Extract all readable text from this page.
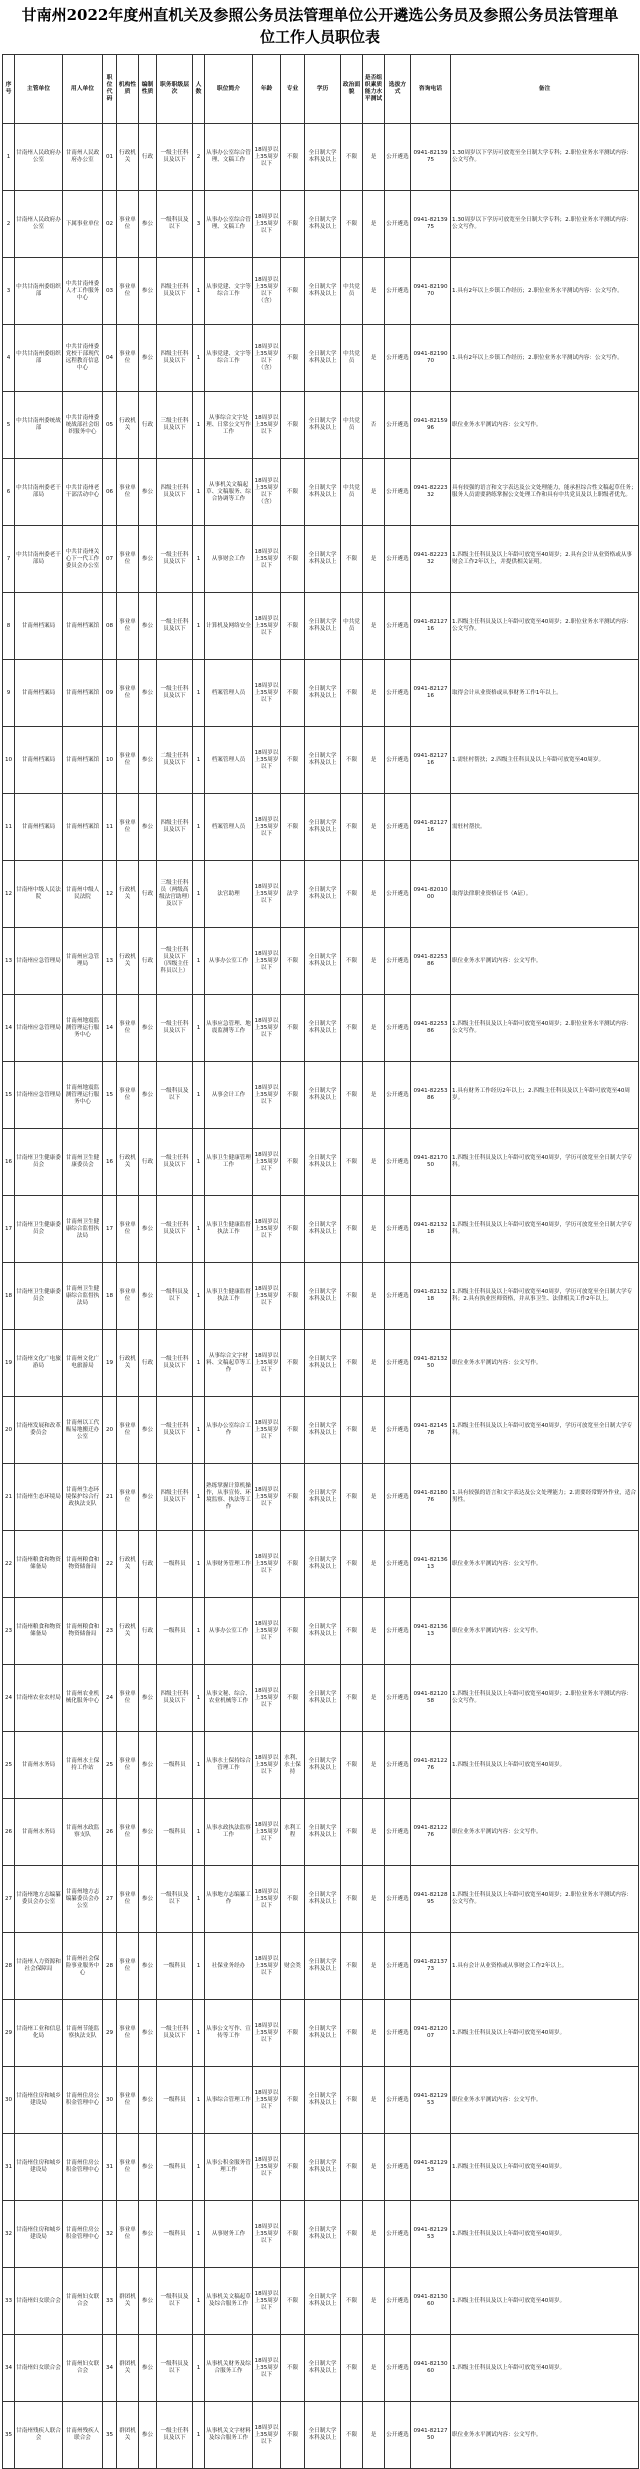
甘南州2022年度州直机关及参照公务员法管理单位公开遴选公务员及参照公务员法管理单位工作人员职位表
序号	主管单位	用人单位	职位代码	机构性质	编制性质	职务职级层次	人数	职位简介	年龄	专业	学历	政治面貌	是否组织素质能力水平测试	选拔方式	咨询电话	备注
1	甘南州人民政府办公室	甘南州人民政府办公室	01	行政机关	行政	一级主任科员及以下	2	从事办公室综合管理、文稿工作	18周岁以上35周岁以下	不限	全日制大学本科及以上	不限	是	公开遴选	0941-8213975	1.30周岁以下学历可放宽至全日制大学专科；2.职位业务水平测试内容：公文写作。
2	甘南州人民政府办公室	下属事业单位	02	事业单位	参公	一级科员及以下	3	从事办公室综合管理、文稿工作	18周岁以上35周岁以下	不限	全日制大学本科及以上	不限	是	公开遴选	0941-8213975	1.30周岁以下学历可放宽至全日制大学专科；2.职位业务水平测试内容：公文写作。
3	中共甘南州委组织部	中共甘南州委人才工作服务中心	03	事业单位	参公	四级主任科员及以下	1	从事党建、文字等综合工作	18周岁以上35周岁以下（含）	不限	全日制大学本科及以上	中共党员	是	公开遴选	0941-8219070	1.具有2年以上乡镇工作经历；2.职位业务水平测试内容：公文写作。
4	中共甘南州委组织部	中共甘南州委党校干部现代远程教育信息中心	04	事业单位	参公	四级主任科员及以下	1	从事党建、文字等综合工作	18周岁以上35周岁以下（含）	不限	全日制大学本科及以上	中共党员	是	公开遴选	0941-8219070	1.具有2年以上乡镇工作经历；2.职位业务水平测试内容：公文写作。
5	中共甘南州委统战部	中共甘南州委统战部社会组织服务中心	05	行政机关	行政	三级主任科员及以下	1	从事综合文字处理、日常公文写作工作	18周岁以上35周岁以下	不限	全日制大学本科及以上	中共党员	否	公开遴选	0941-8215996	职位业务水平测试内容：公文写作。
6	中共甘南州委老干部局	中共甘南州老干部活动中心	06	事业单位	参公	四级主任科员及以下	1	从事机关文稿起草、文稿服务、综合协调等工作	18周岁以上35周岁以下（含）	不限	全日制大学本科及以上	中共党员	是	公开遴选	0941-8222332	具有较强的语言和文字表达及公文处理能力，能承担综合性文稿起草任务；服务人员需要熟练掌握公文处理工作和具有中共党员及以上职级者优先。
7	中共甘南州委老干部局	中共甘南州关心下一代工作委员会办公室	07	事业单位	参公	一级主任科员及以下	1	从事财会工作	18周岁以上35周岁以下	不限	全日制大学本科及以上	不限	是	公开遴选	0941-8222332	1.四级主任科员及以上年龄可放宽至40周岁；2.具有会计从业资格或从事财会工作2年以上，并提供相关证明。
8	甘南州档案局	甘南州档案馆	08	事业单位	参公	一级主任科员及以下	1	计算机及网络安全	18周岁以上35周岁以下	不限	全日制大学本科及以上	中共党员	是	公开遴选	0941-8212716	1.四级主任科员及以上年龄可放宽至40周岁；2.职位业务水平测试内容：公文写作。
9	甘南州档案局	甘南州档案馆	09	事业单位	参公	一级主任科员及以下	1	档案管理人员	18周岁以上35周岁以下	不限	全日制大学本科及以上	不限	是	公开遴选	0941-8212716	取得会计从业资格或从事财务工作1年以上。
10	甘南州档案局	甘南州档案馆	10	事业单位	参公	二级主任科员及以下	1	档案管理人员	18周岁以上35周岁以下	不限	全日制大学本科及以上	不限	是	公开遴选	0941-8212716	1.需驻村帮扶；2.四级主任科员及以上年龄可放宽至40周岁。
11	甘南州档案局	甘南州档案馆	11	事业单位	参公	四级主任科员及以下	1	档案管理人员	18周岁以上35周岁以下	不限	全日制大学本科及以上	不限	是	公开遴选	0941-8212716	需驻村帮扶。
12	甘南州中级人民法院	甘南州中级人民法院	12	行政机关	行政	三级主任科员（两级高级法官助理）及以下	1	法官助理	18周岁以上35周岁以下	法学	全日制大学本科及以上	不限	是	公开遴选	0941-8201000	取得法律职业资格证书（A证）。
13	甘南州应急管理局	甘南州应急管理局	13	行政机关	行政	一级主任科员及以下（四级主任科员以上）	1	从事办公室工作	18周岁以上35周岁以下	不限	全日制大学本科及以上	不限	是	公开遴选	0941-8225386	职位业务水平测试内容：公文写作。
14	甘南州应急管理局	甘南州地震监测管理运行服务中心	14	事业单位	参公	一级主任科员及以下	1	从事应急管理、地震监测等工作	18周岁以上35周岁以下	不限	全日制大学本科及以上	不限	是	公开遴选	0941-8225386	1.四级主任科员及以上年龄可放宽至40周岁；2.职位业务水平测试内容：公文写作。
15	甘南州应急管理局	甘南州地震监测管理运行服务中心	15	事业单位	参公	一级科员及以下	1	从事会计工作	18周岁以上35周岁以下	不限	全日制大学本科及以上	不限	是	公开遴选	0941-8225386	1.具有财务工作经历2年以上；2.四级主任科员及以上年龄可放宽至40周岁。
16	甘南州卫生健康委员会	甘南州卫生健康委员会	16	行政机关	行政	一级主任科员及以下	1	从事卫生健康管理工作	18周岁以上35周岁以下	不限	全日制大学本科及以上	不限	是	公开遴选	0941-8217050	1.四级主任科员及以上年龄可放宽至40周岁，学历可放宽至全日制大学专科。
17	甘南州卫生健康委员会	甘南州卫生健康综合监督执法局	17	事业单位	参公	一级主任科员及以下	1	从事卫生健康监督执法工作	18周岁以上35周岁以下	不限	全日制大学本科及以上	不限	是	公开遴选	0941-8213218	1.四级主任科员及以上年龄可放宽至40周岁，学历可放宽至全日制大学专科。
18	甘南州卫生健康委员会	甘南州卫生健康综合监督执法局	18	事业单位	参公	一级科员及以下	1	从事卫生健康监督执法工作	18周岁以上35周岁以下	不限	全日制大学本科及以上	不限	是	公开遴选	0941-8213218	1.四级主任科员及以上年龄可放宽至40周岁，学历可放宽至全日制大学专科；2.具有执业医师资格，并从事卫生、法律相关工作2年以上。
19	甘南州文化广电旅游局	甘南州文化广电旅游局	19	行政机关	行政	一级主任科员及以下	1	从事综合文字材料、文稿起草等工作	18周岁以上35周岁以下	不限	全日制大学本科及以上	不限	是	公开遴选	0941-8213250	职位业务水平测试内容：公文写作。
20	甘南州发展和改革委员会	甘南州以工代赈易地搬迁办公室	20	事业单位	参公	一级主任科员及以下	1	从事办公室综合工作	18周岁以上35周岁以下	不限	全日制大学本科及以上	不限	是	公开遴选	0941-8214578	1.四级主任科员及以上年龄可放宽至40周岁，学历可放宽至全日制大学专科。
21	甘南州生态环境局	甘南州生态环境保护综合行政执法支队	21	事业单位	参公	四级主任科员及以下	1	熟练掌握计算机操作，从事宣传、环境监察、执法等工作	18周岁以上35周岁以下	不限	全日制大学本科及以上	不限	是	公开遴选	0941-8218076	1.具有较强的语言和文字表达及公文处理能力；2.需要经常野外作业，适合男性。
22	甘南州粮食和物资储备局	甘南州粮食和物资储备局	22	行政机关	行政	一级科员	1	从事财务管理工作	18周岁以上35周岁以下	不限	全日制大学本科及以上	不限	是	公开遴选	0941-8213613	职位业务水平测试内容：公文写作。
23	甘南州粮食和物资储备局	甘南州粮食和物资储备局	23	行政机关	行政	一级科员	1	从事办公室工作	18周岁以上35周岁以下	不限	全日制大学本科及以上	不限	是	公开遴选	0941-8213613	职位业务水平测试内容：公文写作。
24	甘南州农业农村局	甘南州农业机械化服务中心	24	事业单位	参公	四级主任科员及以下	1	从事文秘、综合、农业机械等工作	18周岁以上35周岁以下	不限	全日制大学本科及以上	不限	是	公开遴选	0941-8212058	1.四级主任科员及以上年龄可放宽至40周岁；2.职位业务水平测试内容：公文写作。
25	甘南州水务局	甘南州水土保持工作站	25	事业单位	参公	一级科员	1	从事水土保持综合管理工作	18周岁以上35周岁以下	水利、水土保持	全日制大学本科及以上	不限	是	公开遴选	0941-8212276	1.四级主任科员及以上年龄可放宽至40周岁。
26	甘南州水务局	甘南州水政监察支队	26	事业单位	参公	一级科员	1	从事水政执法监察工作	18周岁以上35周岁以下	水利工程	全日制大学本科及以上	不限	是	公开遴选	0941-8212276	职位业务水平测试内容：公文写作。
27	甘南州地方志编纂委员会办公室	甘南州地方志编纂委员会办公室	27	事业单位	参公	一级科员及以下	1	从事地方志编纂工作	18周岁以上35周岁以下	不限	全日制大学本科及以上	不限	是	公开遴选	0941-8212895	1.四级主任科员及以上年龄可放宽至40周岁；2.职位业务水平测试内容：公文写作。
28	甘南州人力资源和社会保障局	甘南州社会保险事业服务中心	28	事业单位	参公	一级科员	1	社保业务经办	18周岁以上35周岁以下	财会类	全日制大学本科及以上	不限	是	公开遴选	0941-8213773	1.具有会计从业资格或从事财会工作2年以上。
29	甘南州工业和信息化局	甘南州节能监察执法支队	29	事业单位	参公	一级主任科员及以下	1	从事公文写作、宣传等工作	18周岁以上35周岁以下	不限	全日制大学本科及以上	不限	是	公开遴选	0941-8212007	1.四级主任科员及以上年龄可放宽至40周岁。
30	甘南州住房和城乡建设局	甘南州住房公积金管理中心	30	事业单位	参公	一级科员	1	从事综合管理工作	18周岁以上35周岁以下	不限	全日制大学本科及以上	不限	是	公开遴选	0941-8212953	职位业务水平测试内容：公文写作。
31	甘南州住房和城乡建设局	甘南州住房公积金管理中心	31	事业单位	参公	一级科员	1	从事公积金服务管理工作	18周岁以上35周岁以下	不限	全日制大学本科及以上	不限	是	公开遴选	0941-8212953	1.四级主任科员及以上年龄可放宽至40周岁。
32	甘南州住房和城乡建设局	甘南州住房公积金管理中心	32	事业单位	参公	一级科员	1	从事财务工作	18周岁以上35周岁以下	不限	全日制大学本科及以上	不限	是	公开遴选	0941-8212953	1.四级主任科员及以上年龄可放宽至40周岁。
33	甘南州妇女联合会	甘南州妇女联合会	33	群团机关	参公	一级科员及以下	1	从事机关文稿起草及综合服务工作	18周岁以上35周岁以下	不限	全日制大学本科及以上	不限	是	公开遴选	0941-8213060	1.四级主任科员及以上年龄可放宽至40周岁。
34	甘南州妇女联合会	甘南州妇女联合会	34	群团机关	参公	一级科员及以下	1	从事机关财务及综合服务工作	18周岁以上35周岁以下	不限	全日制大学本科及以上	不限	是	公开遴选	0941-8213060	1.四级主任科员及以上年龄可放宽至40周岁。
35	甘南州残疾人联合会	甘南州残疾人联合会	35	群团机关	参公	一级主任科员及以下	1	从事机关文字材料及综合服务工作	18周岁以上35周岁以下	不限	全日制大学本科及以上	不限	是	公开遴选	0941-8212750	职位业务水平测试内容：公文写作。
